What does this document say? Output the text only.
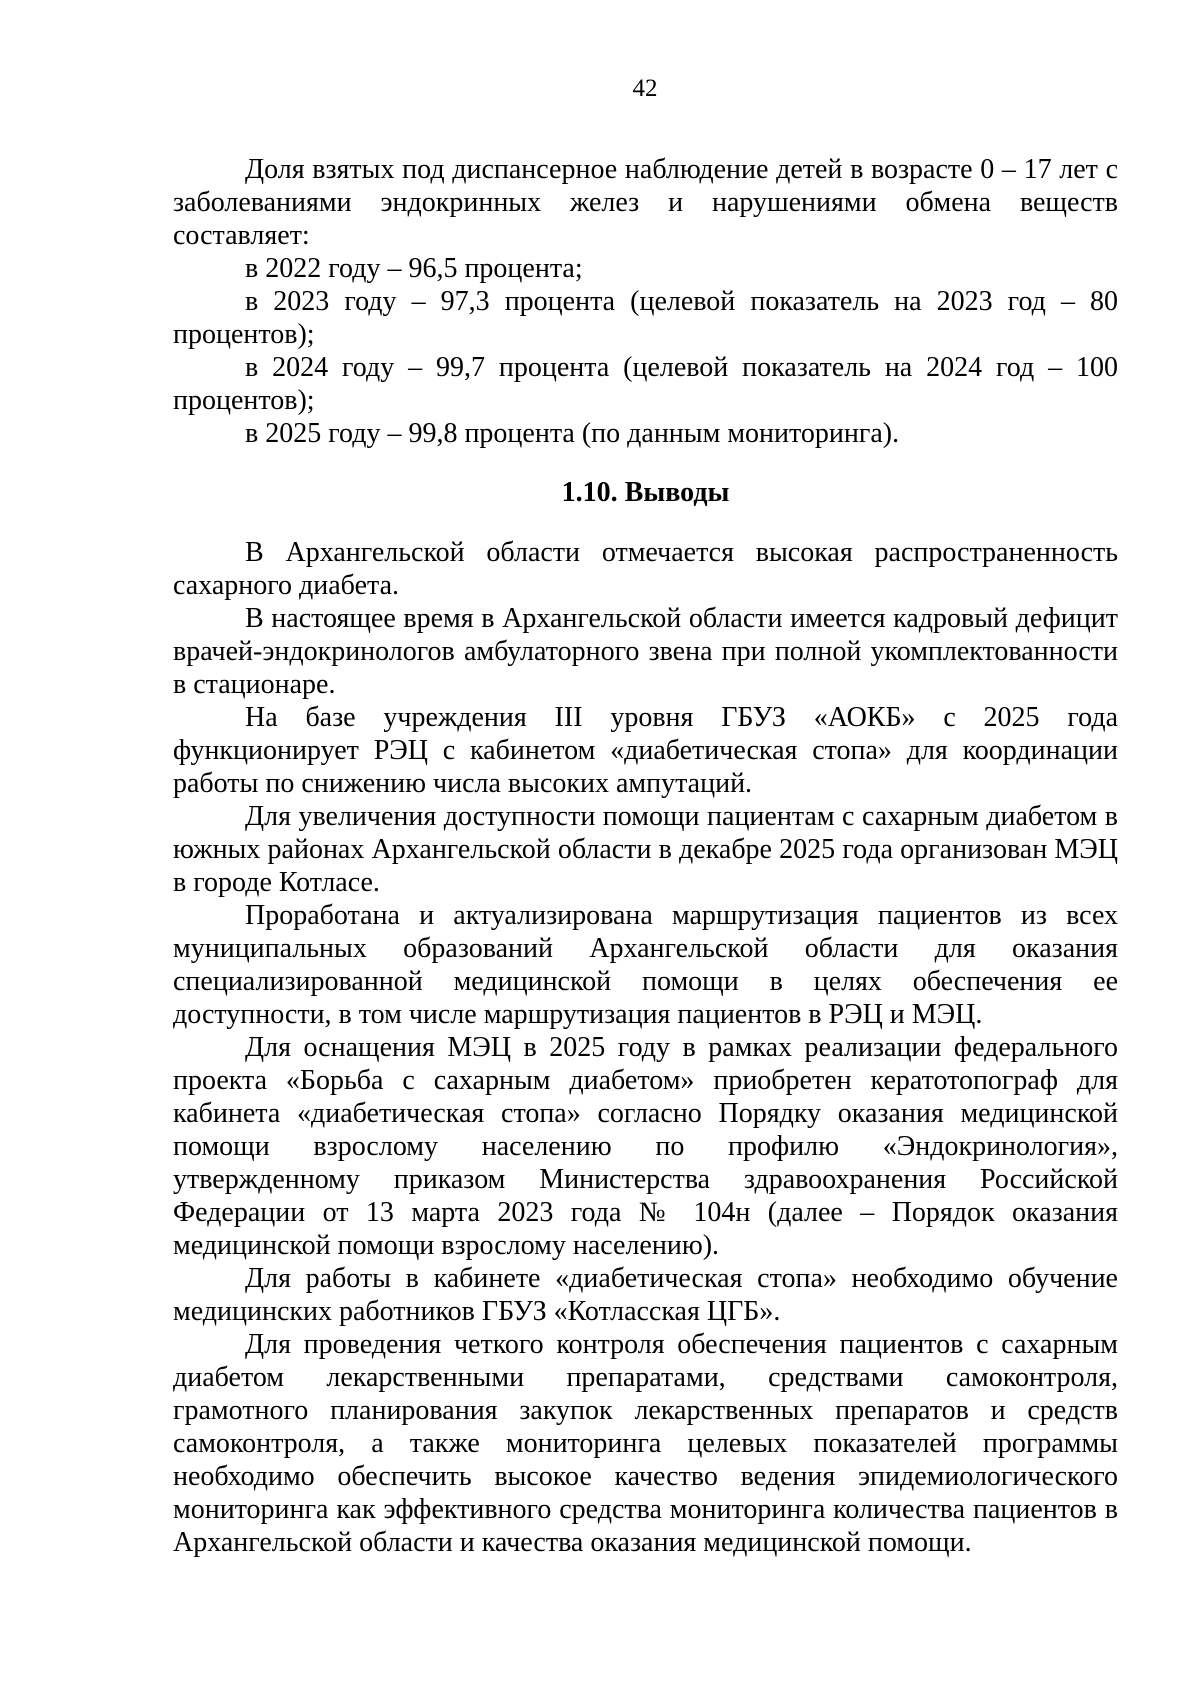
42

Доля взятых под диспансерное наблюдение детей в возрасте 0 – 17 лет с заболеваниями эндокринных желез и нарушениями обмена веществ составляет:

в 2022 году – 96,5 процента;

в 2023 году – 97,3 процента (целевой показатель на 2023 год – 80 процентов);

в 2024 году – 99,7 процента (целевой показатель на 2024 год – 100 процентов);

в 2025 году – 99,8 процента (по данным мониторинга).

1.10. Выводы

В Архангельской области отмечается высокая распространенность сахарного диабета.

В настоящее время в Архангельской области имеется кадровый дефицит врачей-эндокринологов амбулаторного звена при полной укомплектованности в стационаре.

На базе учреждения III уровня ГБУЗ «АОКБ» с 2025 года функционирует РЭЦ с кабинетом «диабетическая стопа» для координации работы по снижению числа высоких ампутаций.

Для увеличения доступности помощи пациентам с сахарным диабетом в южных районах Архангельской области в декабре 2025 года организован МЭЦ в городе Котласе.

Проработана и актуализирована маршрутизация пациентов из всех муниципальных образований Архангельской области для оказания специализированной медицинской помощи в целях обеспечения ее доступности, в том числе маршрутизация пациентов в РЭЦ и МЭЦ.

Для оснащения МЭЦ в 2025 году в рамках реализации федерального проекта «Борьба с сахарным диабетом» приобретен кератотопограф для кабинета «диабетическая стопа» согласно Порядку оказания медицинской помощи взрослому населению по профилю «Эндокринология», утвержденному приказом Министерства здравоохранения Российской Федерации от 13 марта 2023 года № 104н (далее – Порядок оказания медицинской помощи взрослому населению).

Для работы в кабинете «диабетическая стопа» необходимо обучение медицинских работников ГБУЗ «Котласская ЦГБ».

Для проведения четкого контроля обеспечения пациентов с сахарным диабетом лекарственными препаратами, средствами самоконтроля, грамотного планирования закупок лекарственных препаратов и средств самоконтроля, а также мониторинга целевых показателей программы необходимо обеспечить высокое качество ведения эпидемиологического мониторинга как эффективного средства мониторинга количества пациентов в Архангельской области и качества оказания медицинской помощи.
